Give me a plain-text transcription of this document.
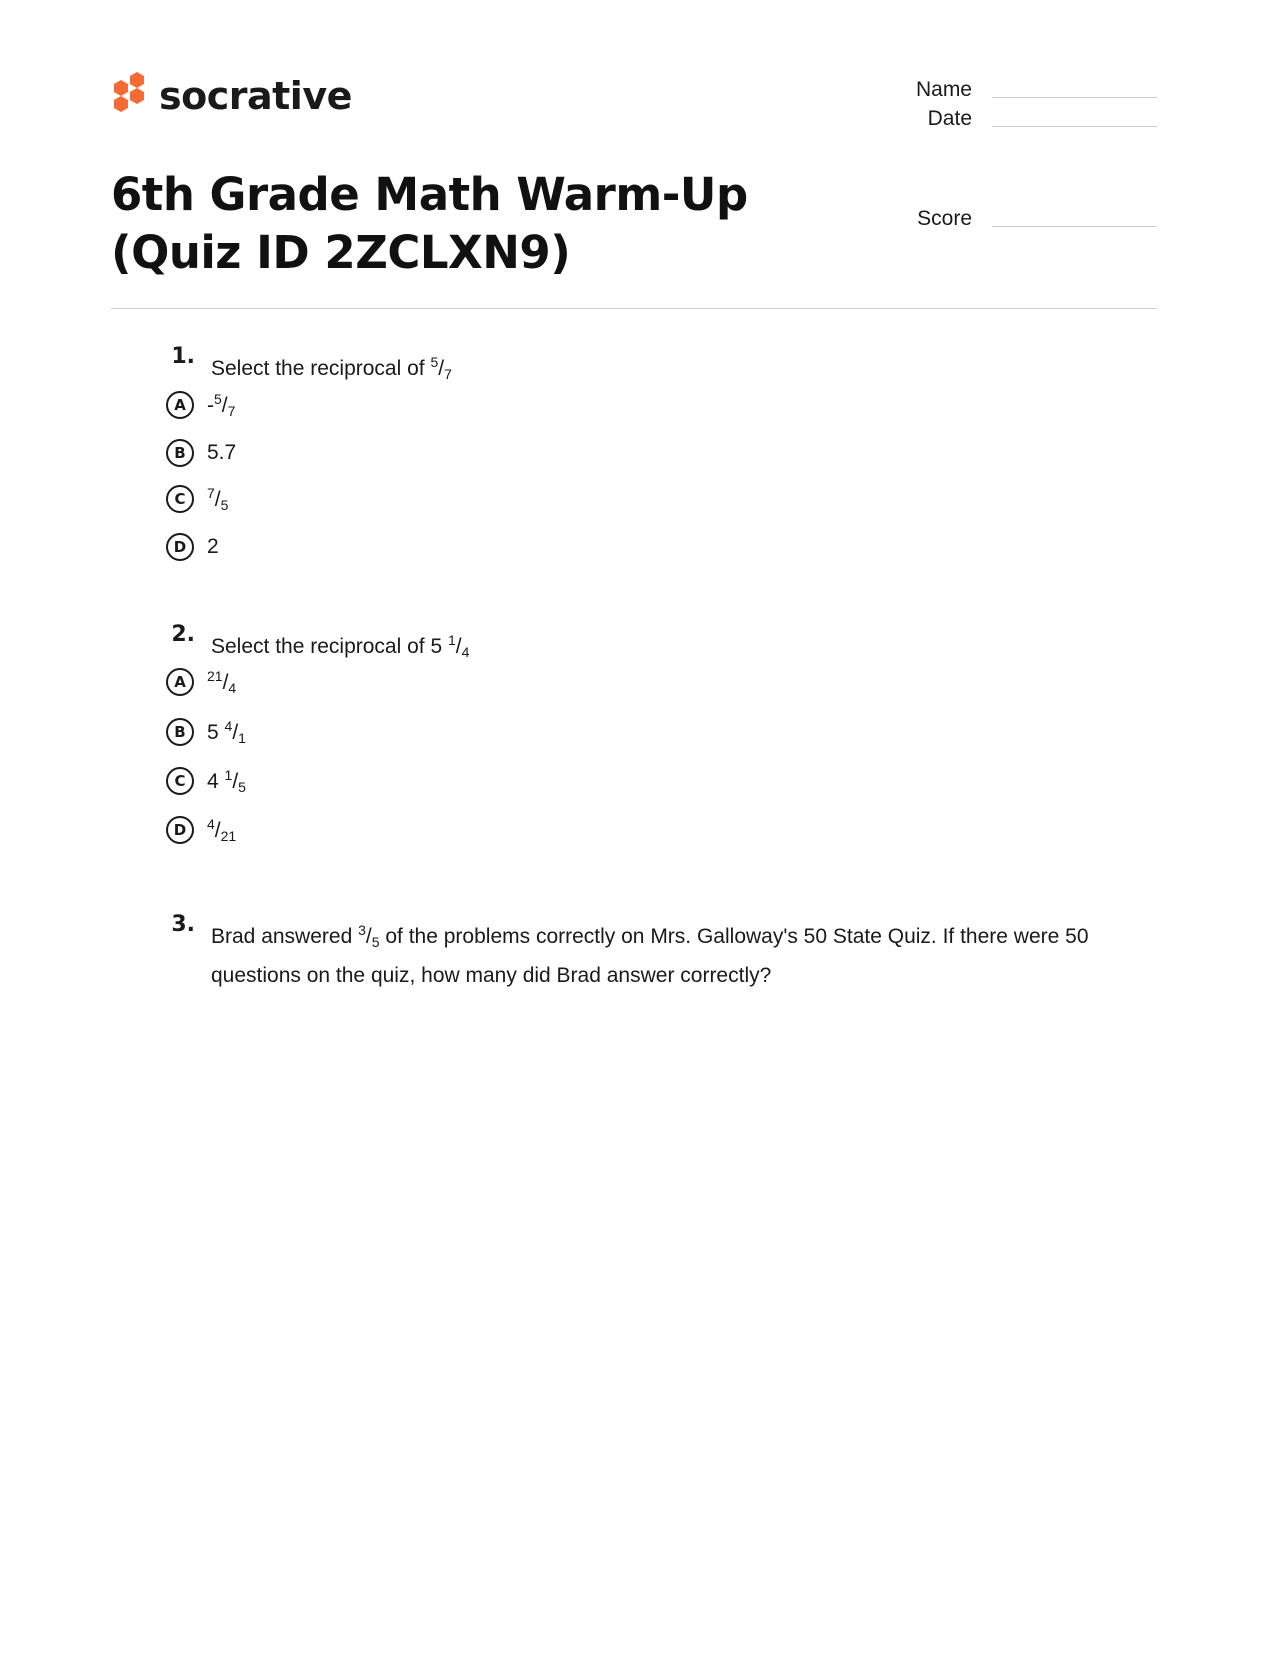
socrative	Name
Date
Score
6th Grade Math Warm-Up (Quiz ID 2ZCLXN9)
1. Select the reciprocal of $^5/_7$
A	$-^5/_7$
B	5.7
C	$^7/_5$
D 2
2. Select the reciprocal of 5 $^1/_4$
A	$^{21}/_4$
B	5 $^4/_1$
C	4 $^1/_5$
D	$^4/_{21}$
3. Brad answered $^3/_5$ of the problems correctly on Mrs. Galloway's 50 State Quiz. If there were 50
questions on the quiz, how many did Brad answer correctly?
